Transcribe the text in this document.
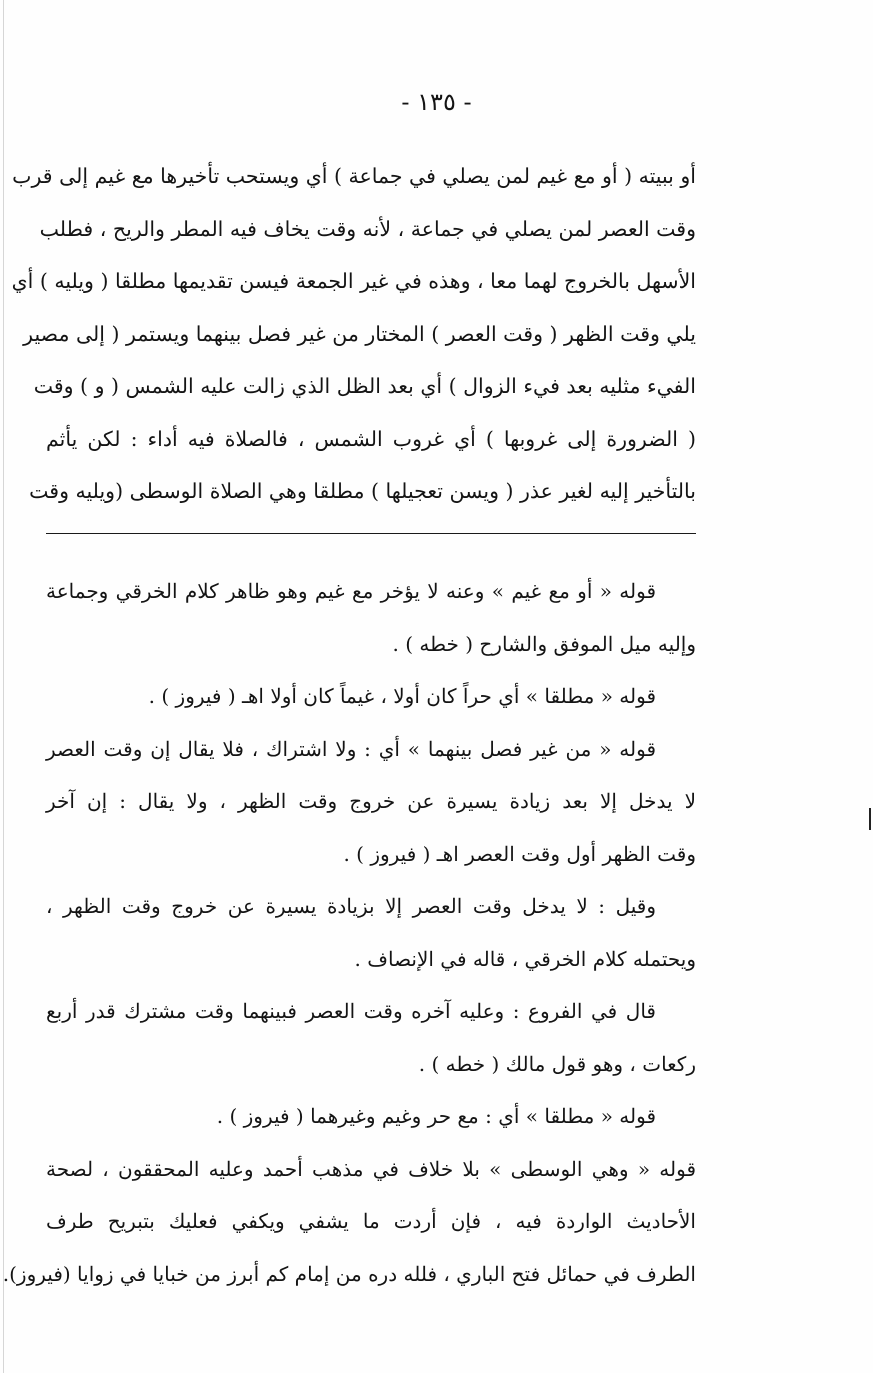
- ١٣٥ -
أو ببيته ( أو مع غيم لمن يصلي في جماعة ) أي ويستحب تأخيرها مع غيم إلى قرب
وقت العصر لمن يصلي في جماعة ، لأنه وقت يخاف فيه المطر والريح ، فطلب
الأسهل بالخروج لهما معا ، وهذه في غير الجمعة فيسن تقديمها مطلقا ( ويليه ) أي
يلي وقت الظهر ( وقت العصر ) المختار من غير فصل بينهما ويستمر ( إلى مصير
الفيء مثليه بعد فيء الزوال ) أي بعد الظل الذي زالت عليه الشمس ( و ) وقت
( الضرورة إلى غروبها ) أي غروب الشمس ، فالصلاة فيه أداء : لكن يأثم
بالتأخير إليه لغير عذر ( ويسن تعجيلها ) مطلقا وهي الصلاة الوسطى (ويليه وقت
قوله « أو مع غيم » وعنه لا يؤخر مع غيم وهو ظاهر كلام الخرقي وجماعة
وإليه ميل الموفق والشارح ( خطه ) .
قوله « مطلقا » أي حراً كان أولا ، غيماً كان أولا اهـ ( فيروز ) .
قوله « من غير فصل بينهما » أي : ولا اشتراك ، فلا يقال إن وقت العصر
لا يدخل إلا بعد زيادة يسيرة عن خروج وقت الظهر ، ولا يقال : إن آخر
وقت الظهر أول وقت العصر اهـ ( فيروز ) .
وقيل : لا يدخل وقت العصر إلا بزيادة يسيرة عن خروج وقت الظهر ،
ويحتمله كلام الخرقي ، قاله في الإنصاف .
قال في الفروع : وعليه آخره وقت العصر فبينهما وقت مشترك قدر أربع
ركعات ، وهو قول مالك ( خطه ) .
قوله « مطلقا » أي : مع حر وغيم وغيرهما ( فيروز ) .
قوله « وهي الوسطى » بلا خلاف في مذهب أحمد وعليه المحققون ، لصحة
الأحاديث الواردة فيه ، فإن أردت ما يشفي ويكفي فعليك بتبريح طرف
الطرف في حمائل فتح الباري ، فلله دره من إمام كم أبرز من خبايا في زوايا (فيروز).
